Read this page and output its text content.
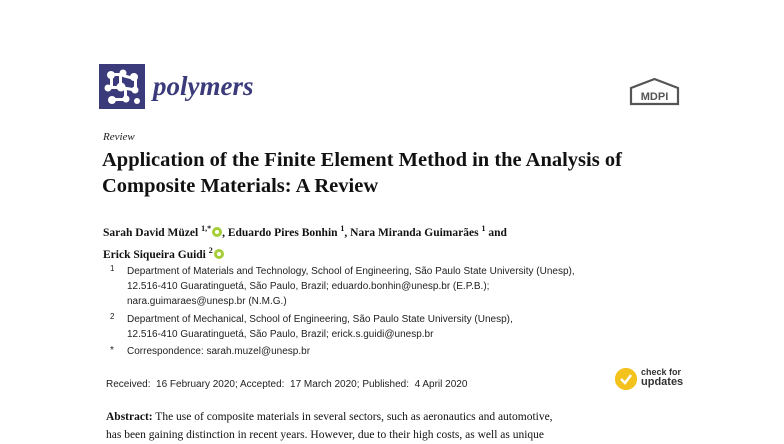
polymers	MDPI
Review
Application of the Finite Element Method in the Analysis of Composite Materials: A Review
Sarah David Müzel $^{1,*}$ , Eduardo Pires Bonhin $^1$, Nara Miranda Guimarães $^1$ and
Erick Siqueira Guidi $^2$
1 Department of Materials and Technology, School of Engineering, São Paulo State University (Unesp),
12.516-410 Guaratinguetá, São Paulo, Brazil; eduardo.bonhin@unesp.br (E.P.B.);
nara.guimaraes@unesp.br (N.M.G.)
2 Department of Mechanical, School of Engineering, São Paulo State University (Unesp),
12.516-410 Guaratinguetá, São Paulo, Brazil; erick.s.guidi@unesp.br
* Correspondence: sarah.muzel@unesp.br
Received: 16 February 2020; Accepted: 17 March 2020; Published: 4 April 2020
check for
updates
Abstract: The use of composite materials in several sectors, such as aeronautics and automotive,
has been gaining distinction in recent years. However, due to their high costs, as well as unique
